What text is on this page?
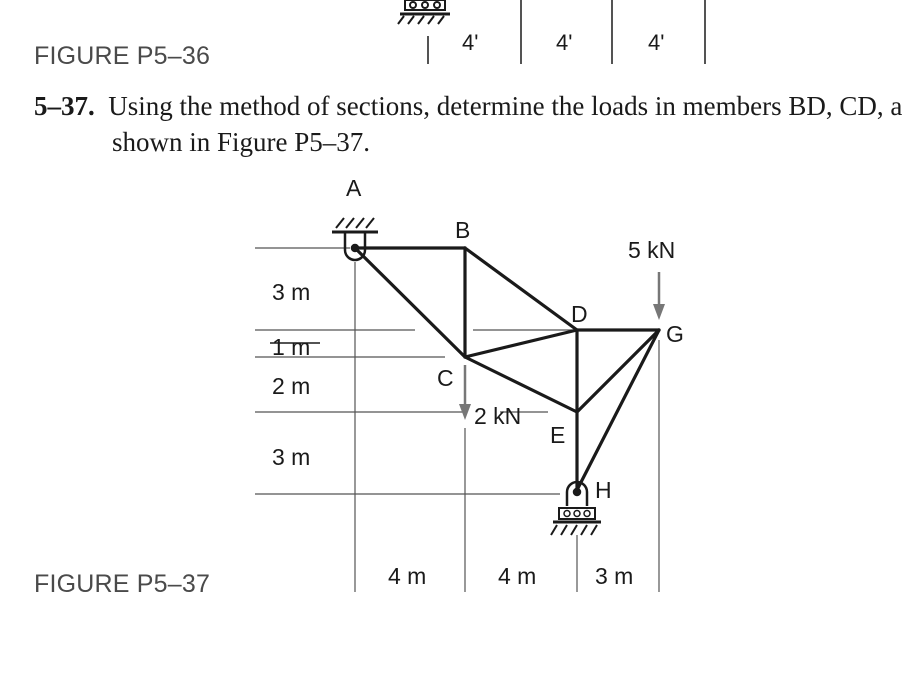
FIGURE P5–36	4'	4'	4'
5–37. Using the method of sections, determine the loads in members BD, CD, a
shown in Figure P5–37.
FIGURE P5–37
A
B
C
D
E
G
H
5 kN
2 kN
3 m
1 m
2 m
3 m
4 m	4 m	3 m
